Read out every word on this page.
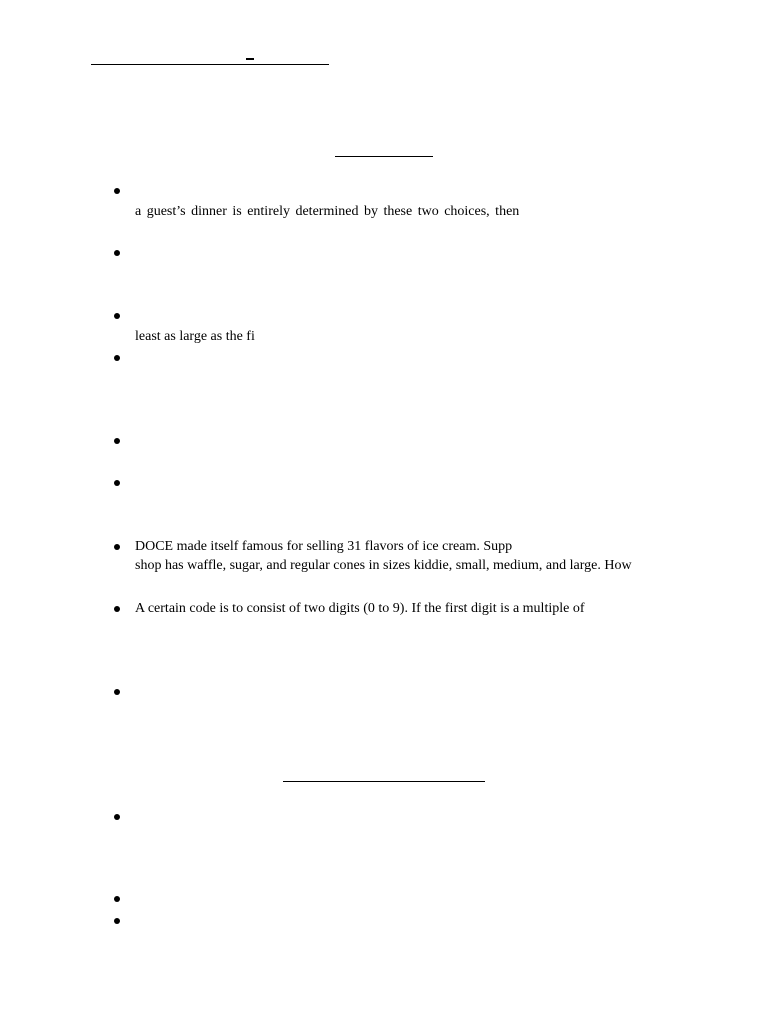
a guest’s dinner is entirely determined by these two choices, then
least as large as the fi
DOCE made itself famous for selling 31 flavors of ice cream. Supp
shop has waffle, sugar, and regular cones in sizes kiddie, small, medium, and large. How
A certain code is to consist of two digits (0 to 9). If the first digit is a multiple of
